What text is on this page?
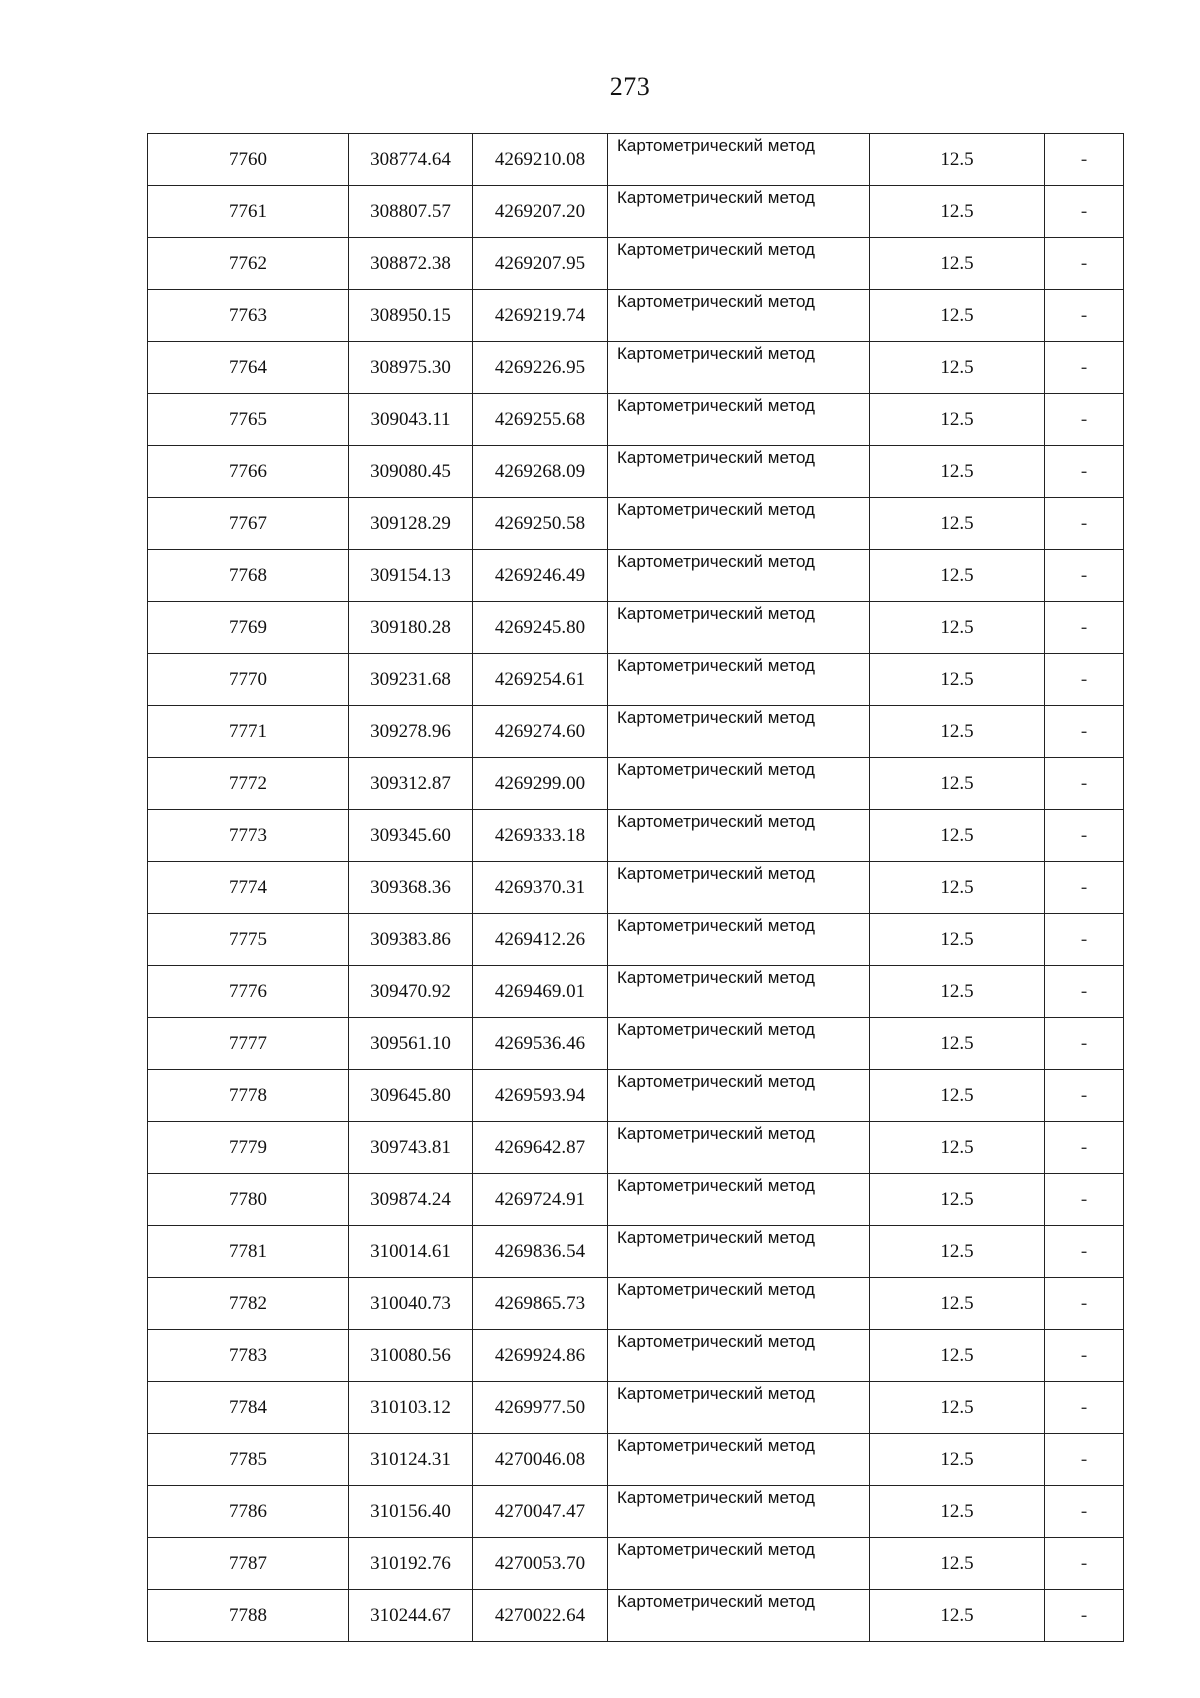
273
7760	308774.64	4269210.08	Картометрический метод	12.5	-
7761	308807.57	4269207.20	Картометрический метод	12.5	-
7762	308872.38	4269207.95	Картометрический метод	12.5	-
7763	308950.15	4269219.74	Картометрический метод	12.5	-
7764	308975.30	4269226.95	Картометрический метод	12.5	-
7765	309043.11	4269255.68	Картометрический метод	12.5	-
7766	309080.45	4269268.09	Картометрический метод	12.5	-
7767	309128.29	4269250.58	Картометрический метод	12.5	-
7768	309154.13	4269246.49	Картометрический метод	12.5	-
7769	309180.28	4269245.80	Картометрический метод	12.5	-
7770	309231.68	4269254.61	Картометрический метод	12.5	-
7771	309278.96	4269274.60	Картометрический метод	12.5	-
7772	309312.87	4269299.00	Картометрический метод	12.5	-
7773	309345.60	4269333.18	Картометрический метод	12.5	-
7774	309368.36	4269370.31	Картометрический метод	12.5	-
7775	309383.86	4269412.26	Картометрический метод	12.5	-
7776	309470.92	4269469.01	Картометрический метод	12.5	-
7777	309561.10	4269536.46	Картометрический метод	12.5	-
7778	309645.80	4269593.94	Картометрический метод	12.5	-
7779	309743.81	4269642.87	Картометрический метод	12.5	-
7780	309874.24	4269724.91	Картометрический метод	12.5	-
7781	310014.61	4269836.54	Картометрический метод	12.5	-
7782	310040.73	4269865.73	Картометрический метод	12.5	-
7783	310080.56	4269924.86	Картометрический метод	12.5	-
7784	310103.12	4269977.50	Картометрический метод	12.5	-
7785	310124.31	4270046.08	Картометрический метод	12.5	-
7786	310156.40	4270047.47	Картометрический метод	12.5	-
7787	310192.76	4270053.70	Картометрический метод	12.5	-
7788	310244.67	4270022.64	Картометрический метод	12.5	-
